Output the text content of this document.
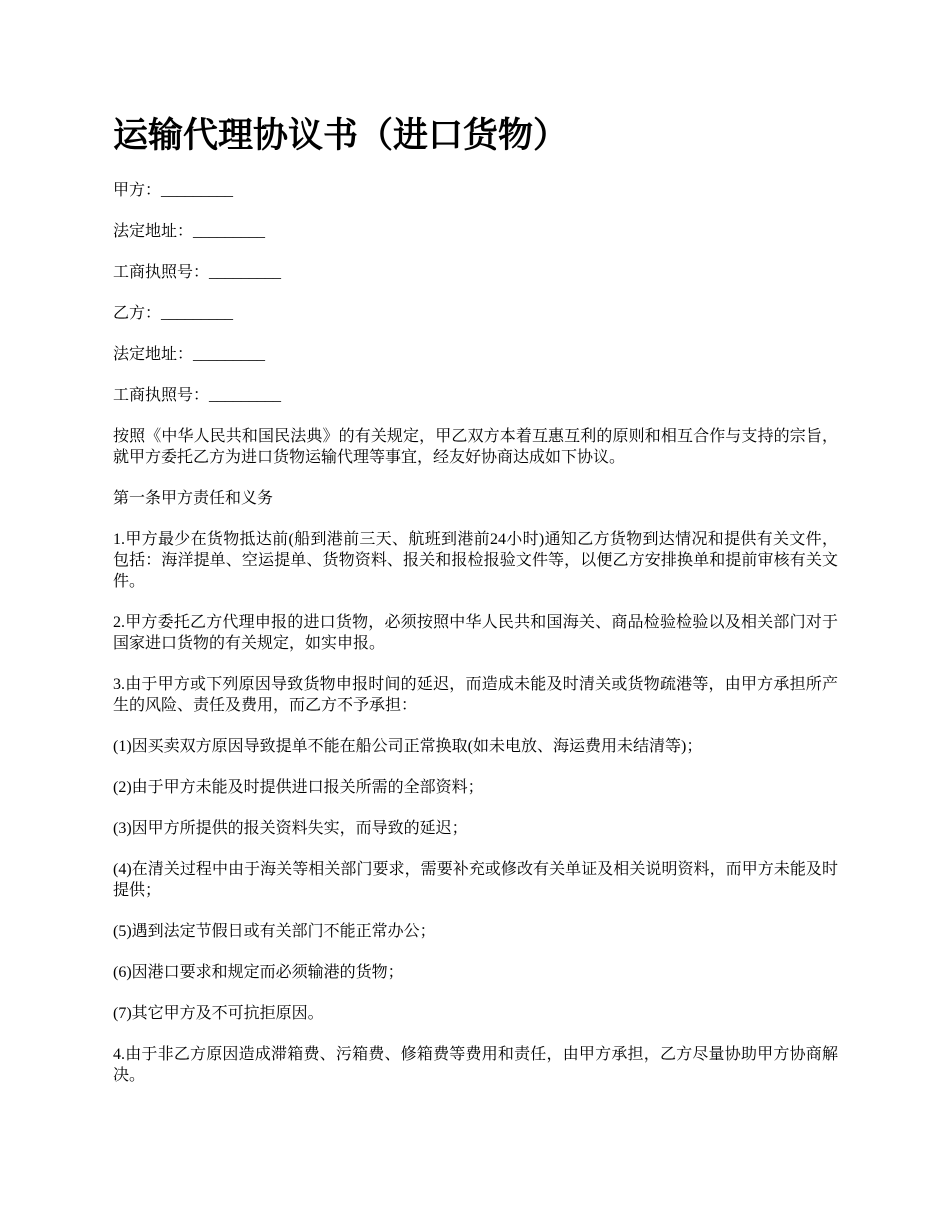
运输代理协议书（进口货物）

甲方：_________

法定地址：_________

工商执照号：_________

乙方：_________

法定地址：_________

工商执照号：_________

按照《中华人民共和国民法典》的有关规定，甲乙双方本着互惠互利的原则和相互合作与支持的宗旨，就甲方委托乙方为进口货物运输代理等事宜，经友好协商达成如下协议。

第一条甲方责任和义务

1.甲方最少在货物抵达前(船到港前三天、航班到港前24小时)通知乙方货物到达情况和提供有关文件，包括：海洋提单、空运提单、货物资料、报关和报检报验文件等，以便乙方安排换单和提前审核有关文件。

2.甲方委托乙方代理申报的进口货物，必须按照中华人民共和国海关、商品检验检验以及相关部门对于国家进口货物的有关规定，如实申报。

3.由于甲方或下列原因导致货物申报时间的延迟，而造成未能及时清关或货物疏港等，由甲方承担所产生的风险、责任及费用，而乙方不予承担：

(1)因买卖双方原因导致提单不能在船公司正常换取(如未电放、海运费用未结清等)；

(2)由于甲方未能及时提供进口报关所需的全部资料；

(3)因甲方所提供的报关资料失实，而导致的延迟；

(4)在清关过程中由于海关等相关部门要求，需要补充或修改有关单证及相关说明资料，而甲方未能及时提供；

(5)遇到法定节假日或有关部门不能正常办公；

(6)因港口要求和规定而必须输港的货物；

(7)其它甲方及不可抗拒原因。

4.由于非乙方原因造成滞箱费、污箱费、修箱费等费用和责任，由甲方承担，乙方尽量协助甲方协商解决。
